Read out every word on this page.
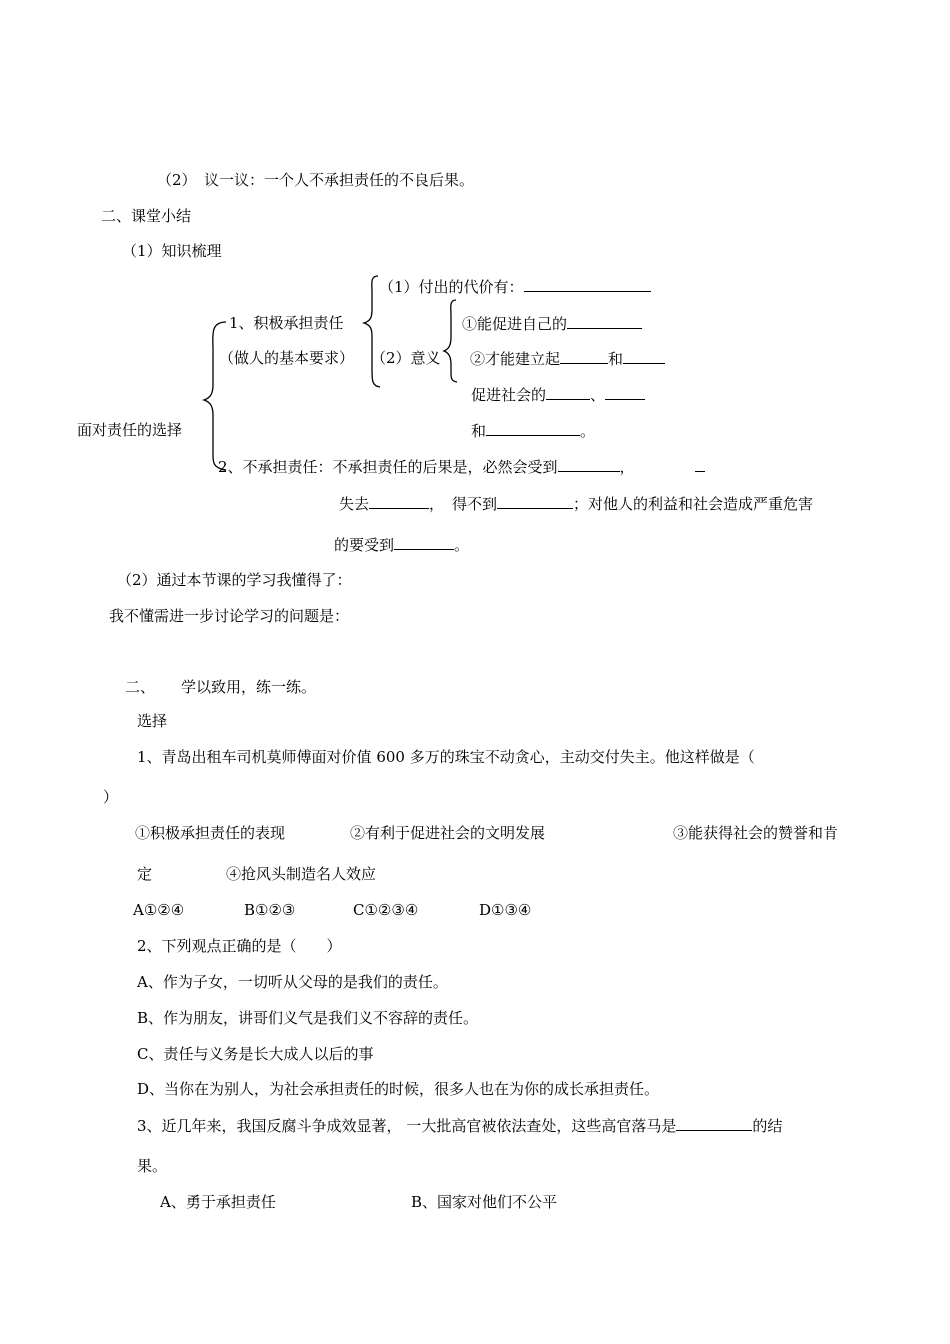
（2）　议一议：一个人不承担责任的不良后果。
二、课堂小结
（1）知识梳理
面对责任的选择
1、积极承担责任
（做人的基本要求）
（1）付出的代价有：
（2）意义
①能促进自己的
②才能建立起	和
促进社会的	、
和	。
2、不承担责任：不承担责任的后果是，必然会受到	，
失去	， 得不到	；对他人的利益和社会造成严重危害
的要受到	。
（2）通过本节课的学习我懂得了：
我不懂需进一步讨论学习的问题是：
二、 学以致用，练一练。
选择
1、青岛出租车司机莫师傅面对价值 600 多万的珠宝不动贪心，主动交付失主。他这样做是（
）
①积极承担责任的表现	②有利于促进社会的文明发展	③能获得社会的赞誉和肯
定	④抢风头制造名人效应
A①②④	B①②③	C①②③④	D①③④
2、下列观点正确的是（　　）
A、作为子女，一切听从父母的是我们的责任。
B、作为朋友，讲哥们义气是我们义不容辞的责任。
C、责任与义务是长大成人以后的事
D、当你在为别人，为社会承担责任的时候，很多人也在为你的成长承担责任。
3、近几年来，我国反腐斗争成效显著， 一大批高官被依法查处，这些高官落马是	的结
果。
A、勇于承担责任	B、国家对他们不公平
